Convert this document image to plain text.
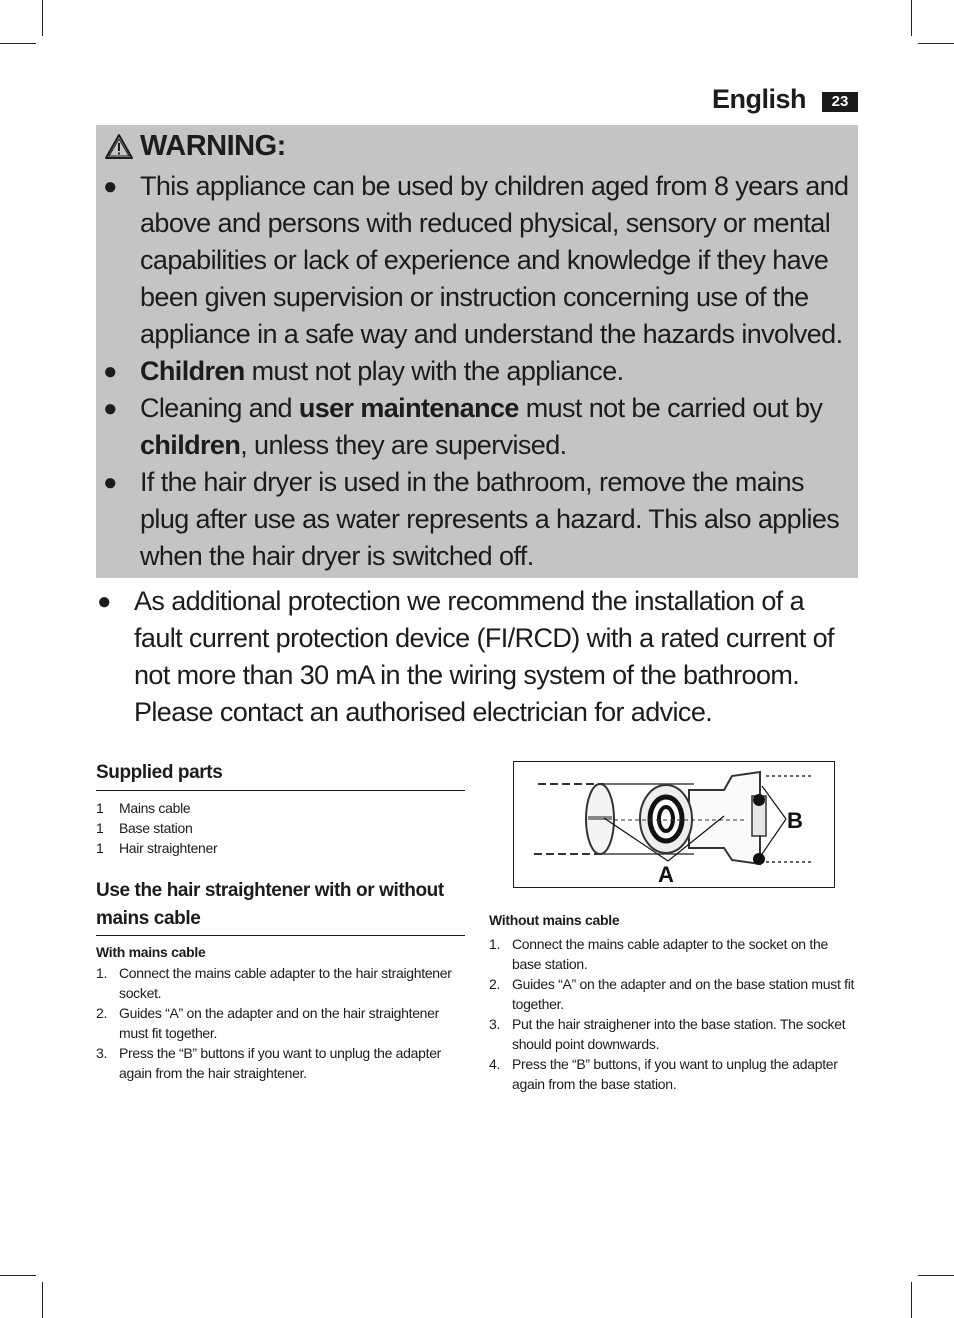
English	23
WARNING:
● This appliance can be used by children aged from 8 years and above and persons with reduced physical, sensory or mental capabilities or lack of experience and knowledge if they have been given supervision or instruction concerning use of the appliance in a safe way and understand the hazards involved.
● Children must not play with the appliance.
● Cleaning and user maintenance must not be carried out by children, unless they are supervised.
● If the hair dryer is used in the bathroom, remove the mains plug after use as water represents a hazard. This also applies when the hair dryer is switched off.
● As additional protection we recommend the installation of a fault current protection device (FI/RCD) with a rated current of not more than 30 mA in the wiring system of the bathroom. Please contact an authorised electrician for advice.
Supplied parts
1	Mains cable
1	Base station
1	Hair straightener
Use the hair straightener with or without
mains cable
With mains cable
1. Connect the mains cable adapter to the hair straightener socket.
2. Guides “A” on the adapter and on the hair straightener must fit together.
3. Press the “B” buttons if you want to unplug the adapter again from the hair straightener.
A
B
Without mains cable
1. Connect the mains cable adapter to the socket on the base station.
2. Guides “A” on the adapter and on the base station must fit together.
3. Put the hair straighener into the base station. The socket should point downwards.
4. Press the “B” buttons, if you want to unplug the adapter again from the base station.
